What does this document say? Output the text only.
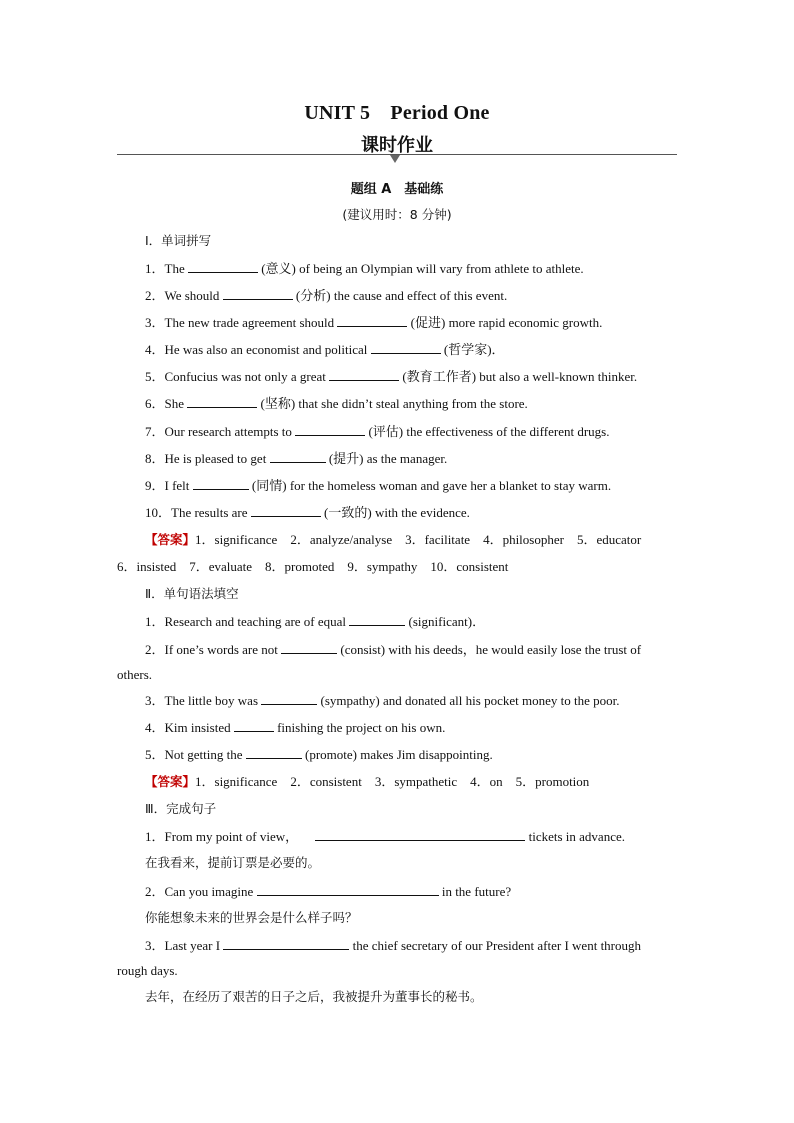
UNIT 5　Period One
课时作业
题组 A　基础练
(建议用时：8 分钟)
Ⅰ．单词拼写
1．The	(意义) of being an Olympian will vary from athlete to athlete.
2．We should	(分析) the cause and effect of this event.
3．The new trade agreement should	(促进) more rapid economic growth.
4．He was also an economist and political	(哲学家)．
5．Confucius was not only a great	(教育工作者) but also a well-known thinker.
6．She	(坚称) that she didn’t steal anything from the store.
7．Our research attempts to	(评估) the effectiveness of the different drugs.
8．He is pleased to get	(提升) as the manager.
9．I felt	(同情) for the homeless woman and gave her a blanket to stay warm.
10．The results are	(一致的) with the evidence.
【答案】1．significance　2．analyze/analyse　3．facilitate　4．philosopher　5．educator
6．insisted　7．evaluate　8．promoted　9．sympathy　10．consistent
Ⅱ．单句语法填空
1．Research and teaching are of equal	(significant)．
2．If one’s words are not	(consist) with his deeds，he would easily lose the trust of
others.
3．The little boy was	(sympathy) and donated all his pocket money to the poor.
4．Kim insisted	finishing the project on his own.
5．Not getting the	(promote) makes Jim disappointing.
【答案】1．significance　2．consistent　3．sympathetic　4．on　5．promotion
Ⅲ．完成句子
1．From my point of view，	tickets in advance.
在我看来，提前订票是必要的。
2．Can you imagine	in the future?
你能想象未来的世界会是什么样子吗？
3．Last year I	the chief secretary of our President after I went through
rough days.
去年，在经历了艰苦的日子之后，我被提升为董事长的秘书。
